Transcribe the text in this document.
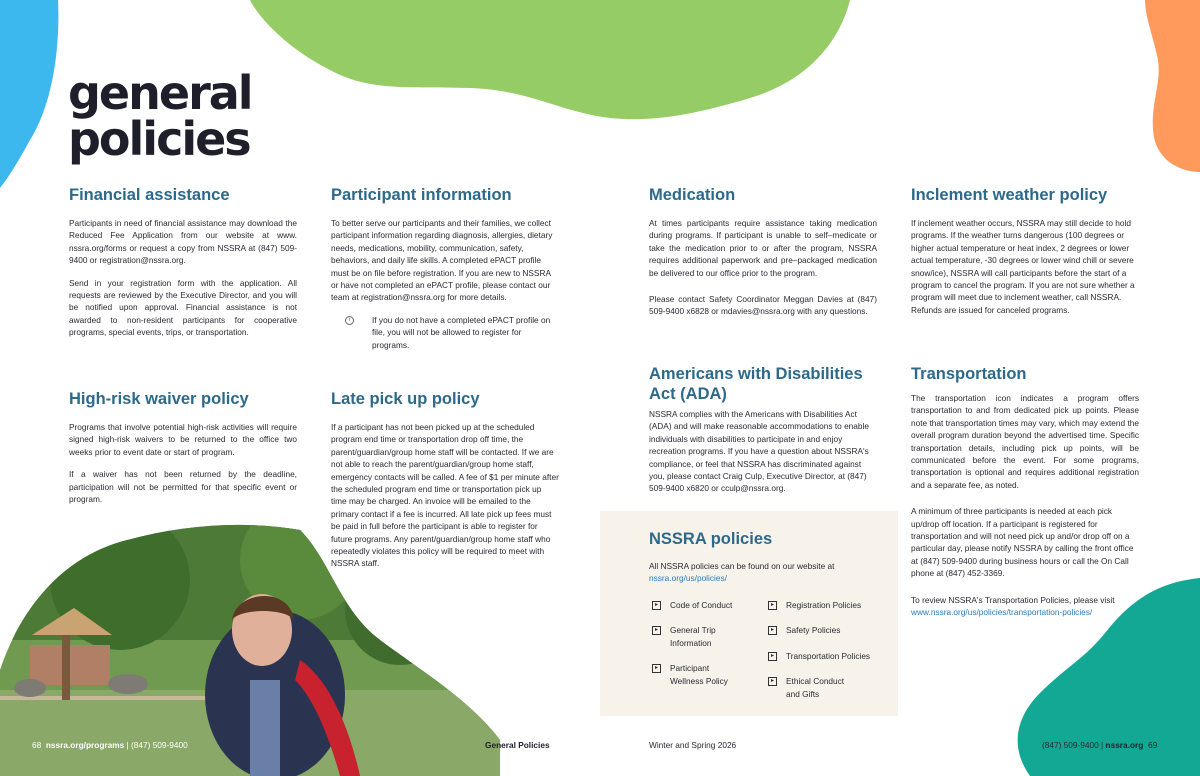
general
policies
Financial assistance

Participants in need of financial assistance may download the Reduced Fee Application from our website at www. nssra.org/forms or request a copy from NSSRA at (847) 509-9400 or registration@nssra.org.

Send in your registration form with the application. All requests are reviewed by the Executive Director, and you will be notified upon approval. Financial assistance is not awarded to non-resident participants for cooperative programs, special events, trips, or transportation.

High-risk waiver policy

Programs that involve potential high-risk activities will require signed high-risk waivers to be returned to the office two weeks prior to event date or start of program.

If a waiver has not been returned by the deadline, participation will not be permitted for that specific event or program.

Participant information

To better serve our participants and their families, we collect participant information regarding diagnosis, allergies, dietary needs, medications, mobility, communication, safety, behaviors, and daily life skills. A completed ePACT profile must be on file before registration. If you are new to NSSRA or have not completed an ePACT profile, please contact our team at registration@nssra.org for more details.

i	If you do not have a completed ePACT profile on file, you will not be allowed to register for programs.

Late pick up policy

If a participant has not been picked up at the scheduled program end time or transportation drop off time, the parent/guardian/group home staff will be contacted. If we are not able to reach the parent/guardian/group home staff, emergency contacts will be called. A fee of $1 per minute after the scheduled program end time or transportation pick up time may be charged. An invoice will be emailed to the primary contact if a fee is incurred. All late pick up fees must be paid in full before the participant is able to register for future programs. Any parent/guardian/group home staff who repeatedly violates this policy will be required to meet with NSSRA staff.

Medication

At times participants require assistance taking medication during programs. If participant is unable to self–medicate or take the medication prior to or after the program, NSSRA requires additional paperwork and pre–packaged medication be delivered to our office prior to the program.

Please contact Safety Coordinator Meggan Davies at (847) 509-9400 x6828 or mdavies@nssra.org with any questions.

Americans with Disabilities Act (ADA)

NSSRA complies with the Americans with Disabilities Act (ADA) and will make reasonable accommodations to enable individuals with disabilities to participate in and enjoy recreation programs. If you have a question about NSSRA's compliance, or feel that NSSRA has discriminated against you, please contact Craig Culp, Executive Director, at (847) 509-9400 x6820 or cculp@nssra.org.

NSSRA policies

All NSSRA policies can be found on our website at nssra.org/us/policies/

▸	Code of Conduct
▸	General Trip Information
▸	Participant Wellness Policy
▸	Registration Policies
▸	Safety Policies
▸	Transportation Policies
▸	Ethical Conduct and Gifts
Inclement weather policy

If inclement weather occurs, NSSRA may still decide to hold programs. If the weather turns dangerous (100 degrees or higher actual temperature or heat index, 2 degrees or lower actual temperature, -30 degrees or lower wind chill or severe snow/ice), NSSRA will call participants before the start of a program to cancel the program. If you are not sure whether a program will meet due to inclement weather, call NSSRA. Refunds are issued for canceled programs.

Transportation

The transportation icon indicates a program offers transportation to and from dedicated pick up points. Please note that transportation times may vary, which may extend the overall program duration beyond the advertised time. Specific transportation details, including pick up points, will be communicated before the event. For some programs, transportation is optional and requires additional registration and a separate fee, as noted.

A minimum of three participants is needed at each pick up/drop off location. If a participant is registered for transportation and will not need pick up and/or drop off on a particular day, please notify NSSRA by calling the front office at (847) 509-9400 during business hours or call the On Call phone at (847) 452-3369.

To review NSSRA's Transportation Policies, please visit
www.nssra.org/us/policies/transportation-policies/

68 nssra.org/programs | (847) 509-9400	General Policies	Winter and Spring 2026	(847) 509-9400 | nssra.org 69
